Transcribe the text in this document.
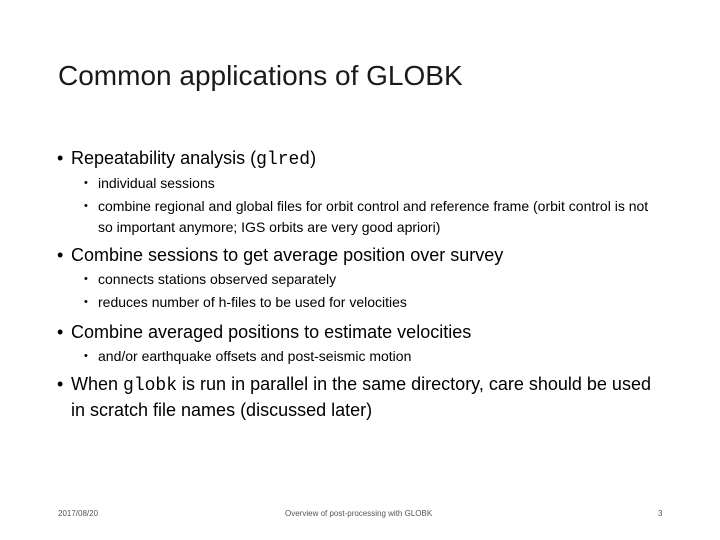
Common applications of GLOBK
• Repeatability analysis (glred)
• individual sessions
• combine regional and global files for orbit control and reference frame (orbit control is not so important anymore; IGS orbits are very good apriori)
• Combine sessions to get average position over survey
• connects stations observed separately
• reduces number of h-files to be used for velocities
• Combine averaged positions to estimate velocities
• and/or earthquake offsets and post-seismic motion
• When globk is run in parallel in the same directory, care should be used in scratch file names (discussed later)
2017/08/20	Overview of post-processing with GLOBK	3
